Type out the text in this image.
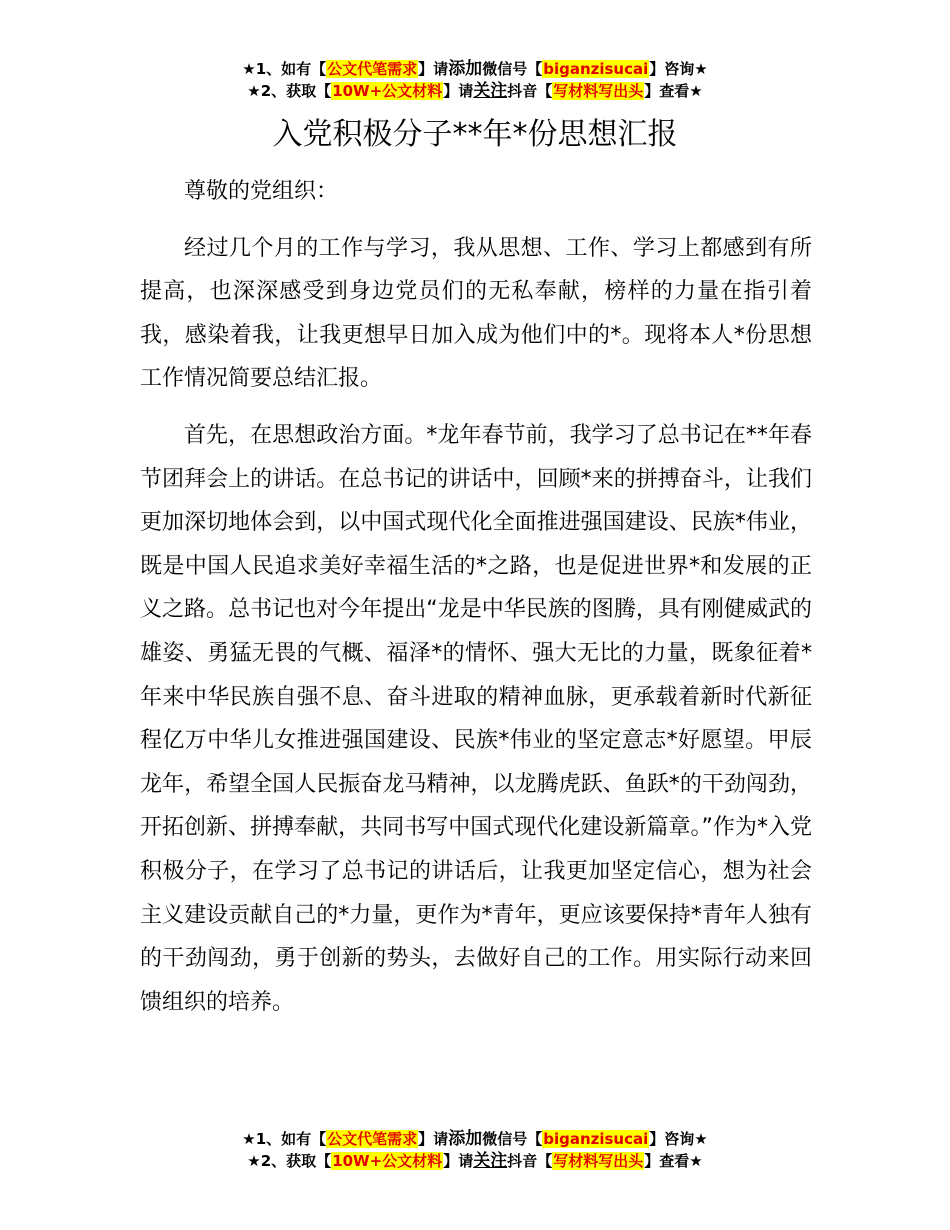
★1、如有【公文代笔需求】请添加微信号【biganzisucai】咨询★
★2、获取【10W+公文材料】请关注抖音【写材料写出头】查看★
入党积极分子**年*份思想汇报

尊敬的党组织：

经过几个月的工作与学习，我从思想、工作、学习上都感到有所提高，也深深感受到身边党员们的无私奉献，榜样的力量在指引着我，感染着我，让我更想早日加入成为他们中的*。现将本人*份思想工作情况简要总结汇报。

首先，在思想政治方面。*龙年春节前，我学习了总书记在**年春节团拜会上的讲话。在总书记的讲话中，回顾*来的拼搏奋斗，让我们更加深切地体会到，以中国式现代化全面推进强国建设、民族*伟业，既是中国人民追求美好幸福生活的*之路，也是促进世界*和发展的正义之路。总书记也对今年提出“龙是中华民族的图腾，具有刚健威武的雄姿、勇猛无畏的气概、福泽*的情怀、强大无比的力量，既象征着*年来中华民族自强不息、奋斗进取的精神血脉，更承载着新时代新征程亿万中华儿女推进强国建设、民族*伟业的坚定意志*好愿望。甲辰龙年，希望全国人民振奋龙马精神，以龙腾虎跃、鱼跃*的干劲闯劲，开拓创新、拼搏奉献，共同书写中国式现代化建设新篇章。”作为*入党积极分子，在学习了总书记的讲话后，让我更加坚定信心，想为社会主义建设贡献自己的*力量，更作为*青年，更应该要保持*青年人独有的干劲闯劲，勇于创新的势头，去做好自己的工作。用实际行动来回馈组织的培养。

★1、如有【公文代笔需求】请添加微信号【biganzisucai】咨询★
★2、获取【10W+公文材料】请关注抖音【写材料写出头】查看★
